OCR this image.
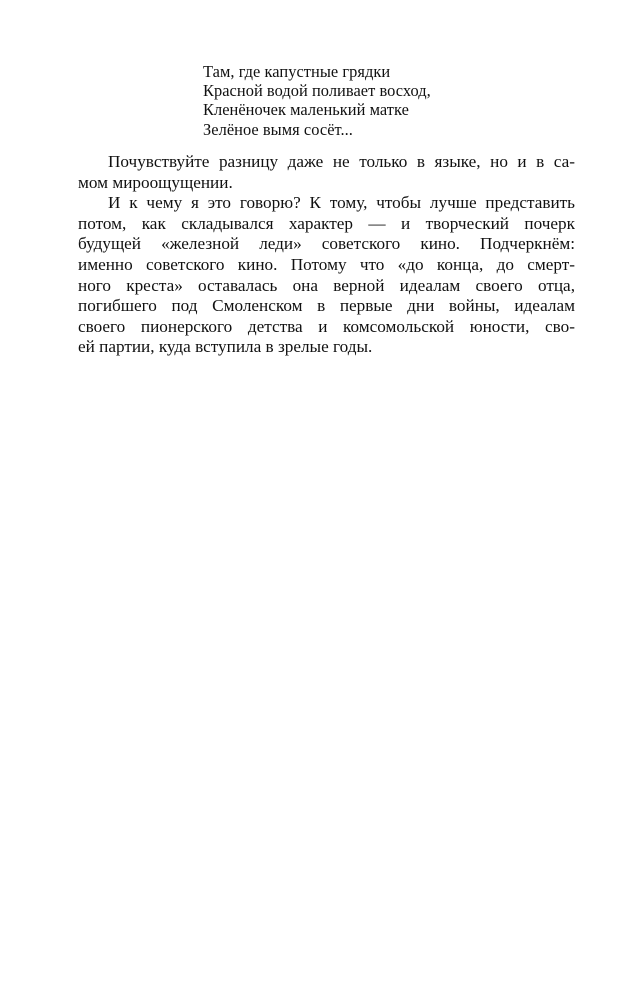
Там, где капустные грядки
Красной водой поливает восход,
Кленёночек маленький матке
Зелёное вымя сосёт...
Почувствуйте разницу даже не только в языке, но и в са-
мом мироощущении.
И к чему я это говорю? К тому, чтобы лучше представить
потом, как складывался характер — и творческий почерк
будущей «железной леди» советского кино. Подчеркнём:
именно советского кино. Потому что «до конца, до смерт-
ного креста» оставалась она верной идеалам своего отца,
погибшего под Смоленском в первые дни войны, идеалам
своего пионерского детства и комсомольской юности, сво-
ей партии, куда вступила в зрелые годы.
